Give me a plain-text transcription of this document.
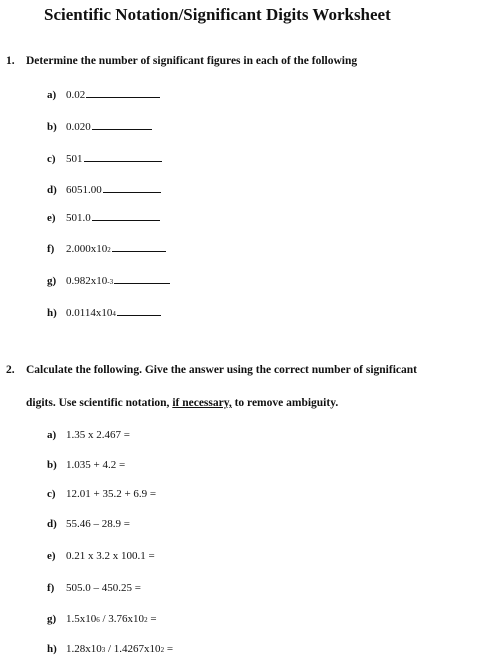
Scientific Notation/Significant Digits Worksheet
1. Determine the number of significant figures in each of the following
a) 0.02
b) 0.020
c) 501
d) 6051.00
e) 501.0
f)	2.000x10 2
g) 0.982x10 -3
h) 0.0114x10 4
2. Calculate the following. Give the answer using the correct number of significant
digits. Use scientific notation, if necessary, to remove ambiguity.
a) 1.35 x 2.467 =
b) 1.035 + 4.2 =
c) 12.01 + 35.2 + 6.9 =
d) 55.46 – 28.9 =
e) 0.21 x 3.2 x 100.1 =
f)	505.0 – 450.25 =
g) 1.5x10 6 / 3.76x10 2 =
h) 1.28x10 3 / 1.4267x10 2 =
